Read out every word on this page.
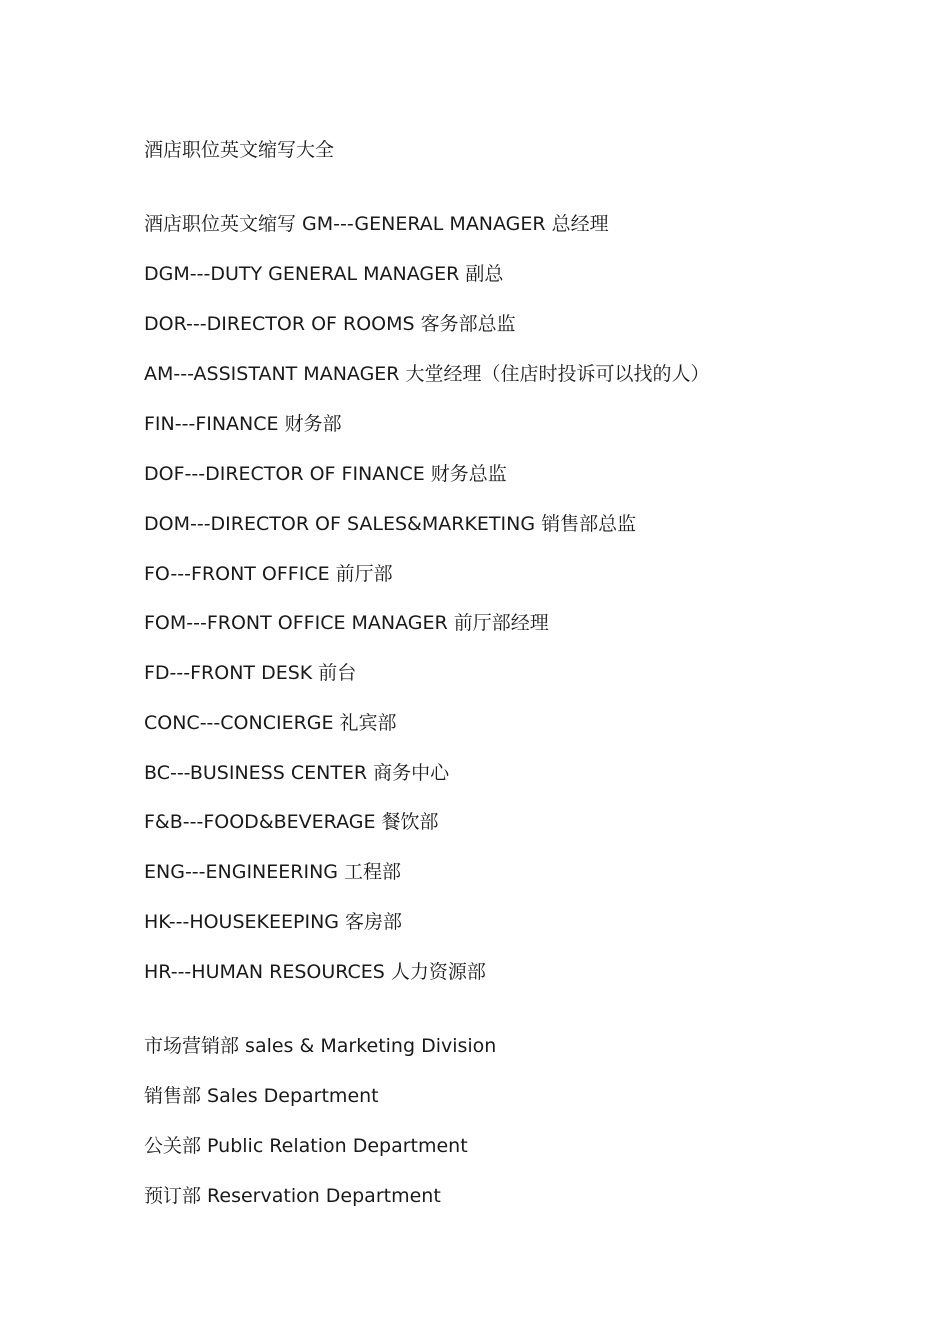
酒店职位英文缩写大全
酒店职位英文缩写 GM---GENERAL MANAGER 总经理
DGM---DUTY GENERAL MANAGER 副总
DOR---DIRECTOR OF ROOMS 客务部总监
AM---ASSISTANT MANAGER 大堂经理（住店时投诉可以找的人）
FIN---FINANCE 财务部
DOF---DIRECTOR OF FINANCE 财务总监
DOM---DIRECTOR OF SALES&MARKETING 销售部总监
FO---FRONT OFFICE 前厅部
FOM---FRONT OFFICE MANAGER 前厅部经理
FD---FRONT DESK 前台
CONC---CONCIERGE 礼宾部
BC---BUSINESS CENTER 商务中心
F&B---FOOD&BEVERAGE 餐饮部
ENG---ENGINEERING 工程部
HK---HOUSEKEEPING 客房部
HR---HUMAN RESOURCES 人力资源部
市场营销部 sales & Marketing Division
销售部 Sales Department
公关部 Public Relation Department
预订部 Reservation Department
